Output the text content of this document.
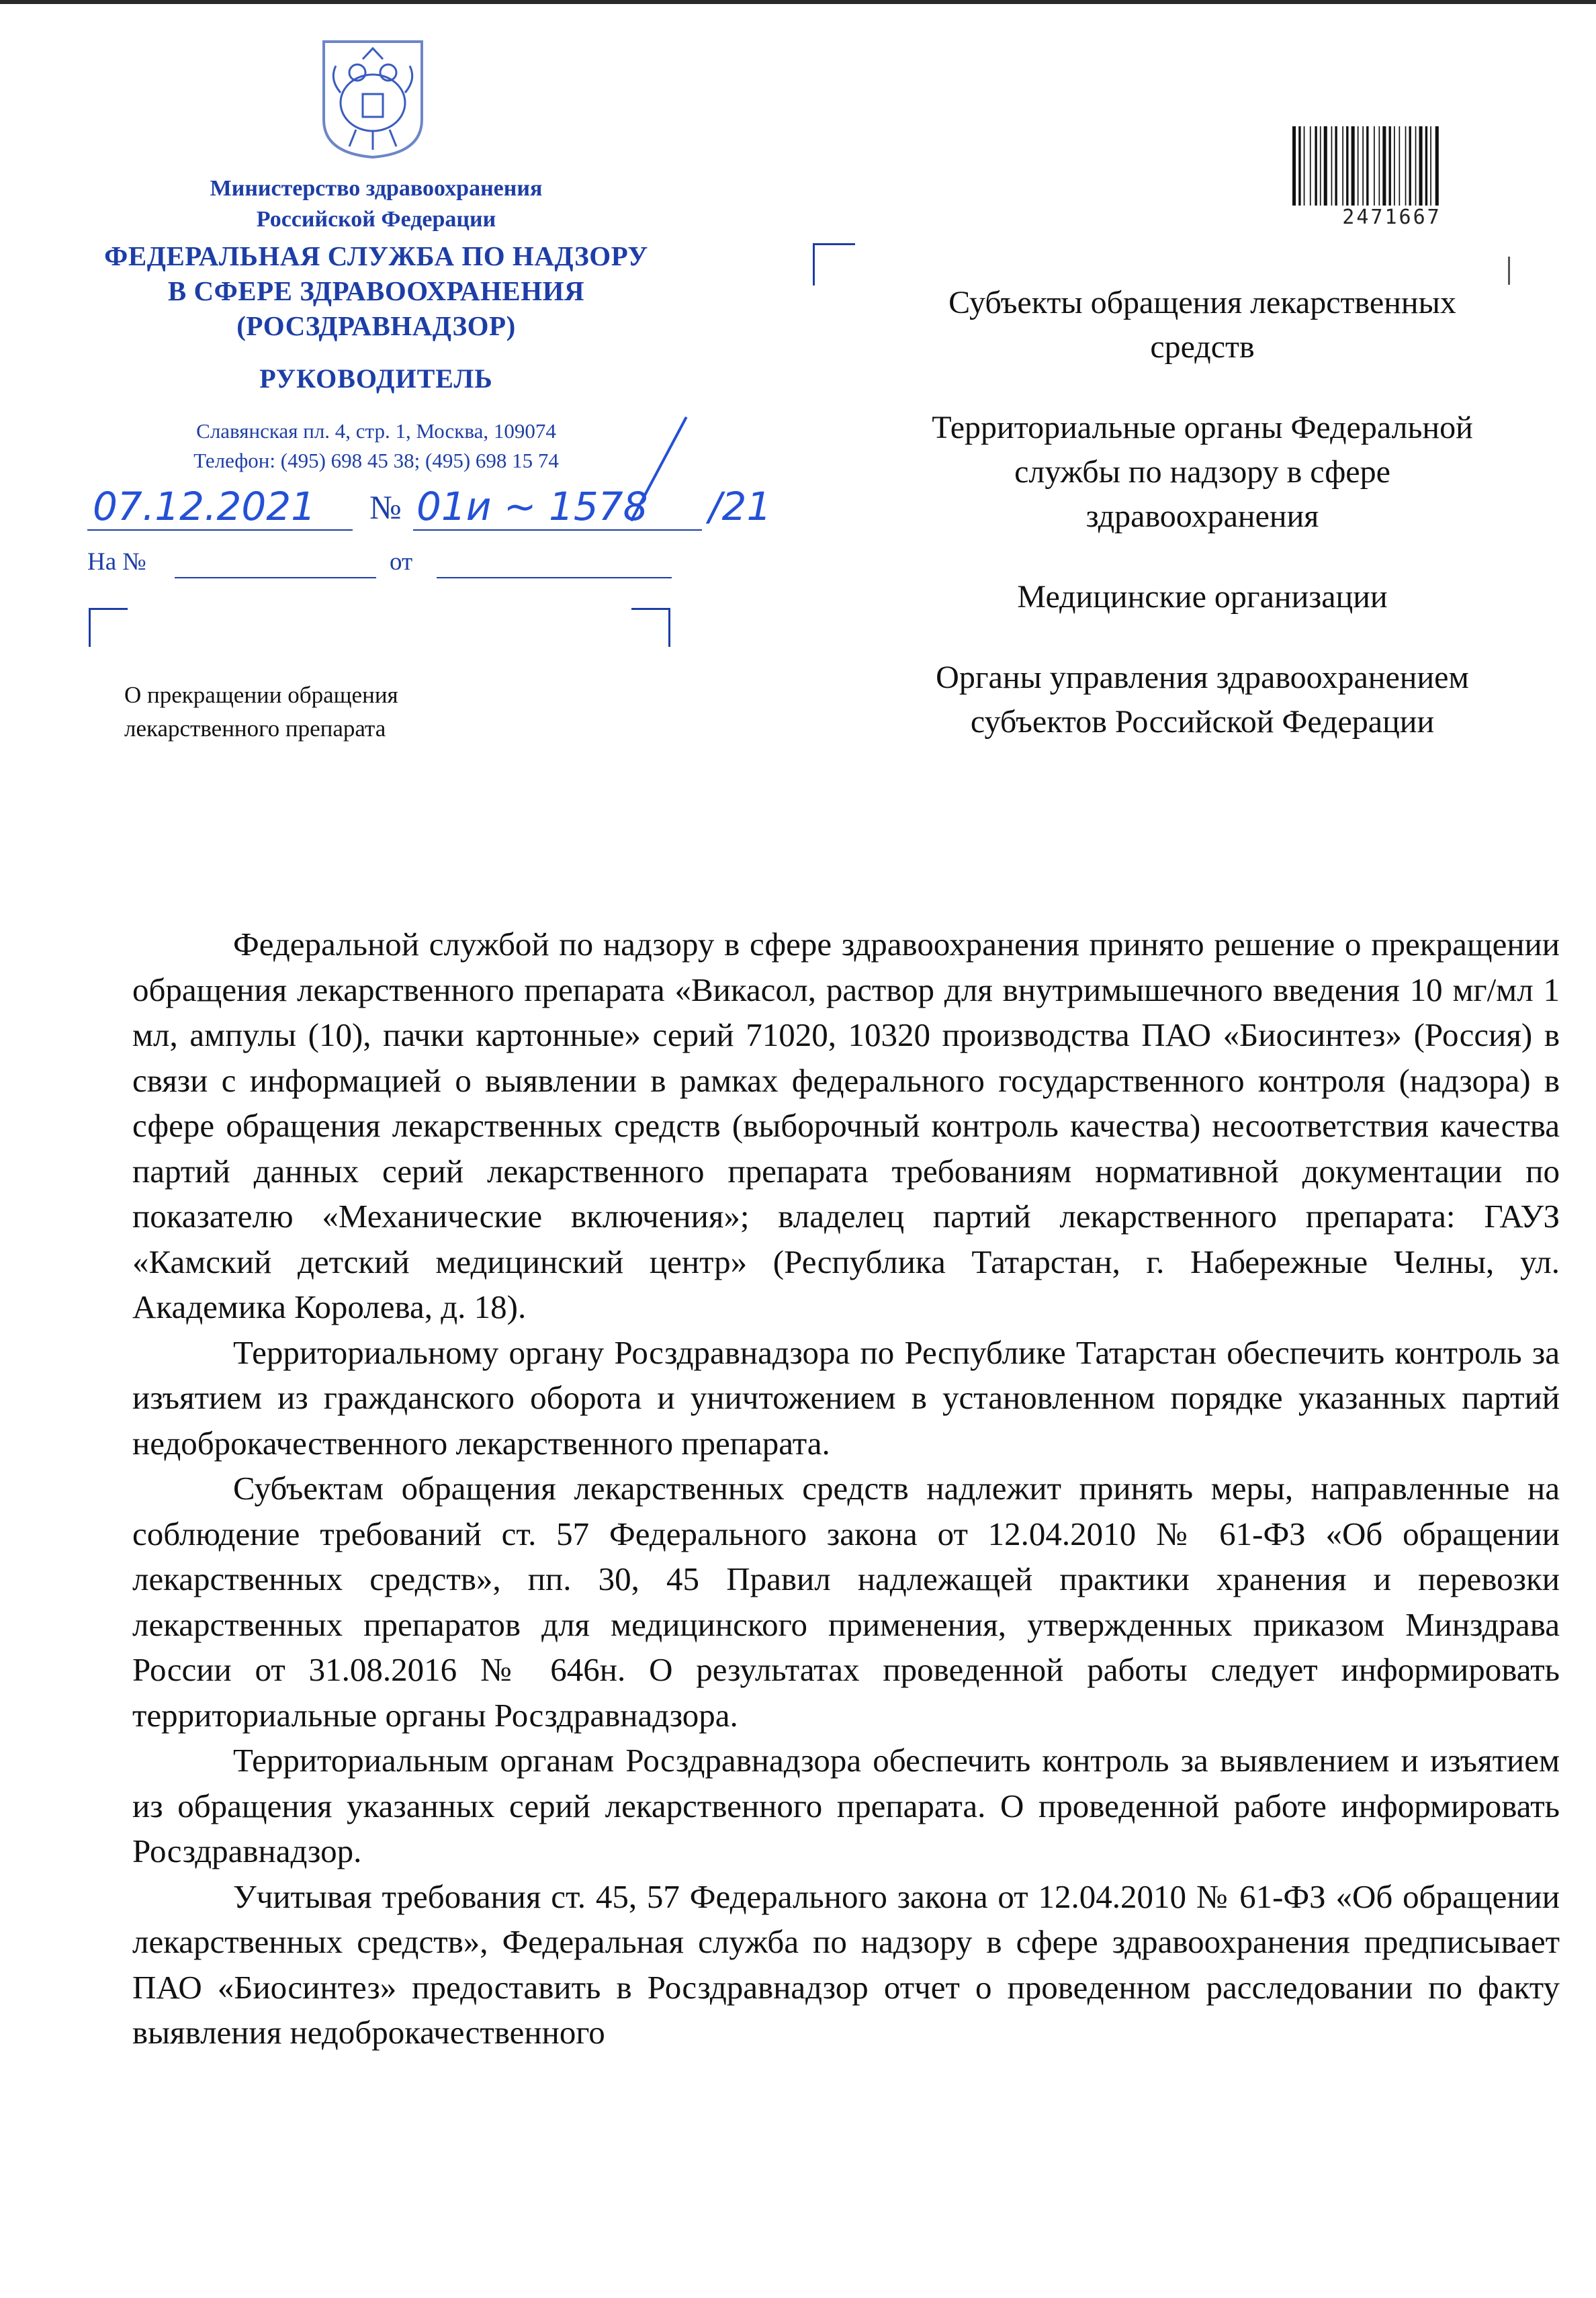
Министерство здравоохранения
Российской Федерации
ФЕДЕРАЛЬНАЯ СЛУЖБА ПО НАДЗОРУ
В СФЕРЕ ЗДРАВООХРАНЕНИЯ
(РОСЗДРАВНАДЗОР)
РУКОВОДИТЕЛЬ
Славянская пл. 4, стр. 1, Москва, 109074
Телефон: (495) 698 45 38; (495) 698 15 74
07.12.2021 № 01и ~ 1578 /21
На №	от
О прекращении обращения
лекарственного препарата
2471667

Субъекты обращения лекарственных средств

Территориальные органы Федеральной службы по надзору в сфере здравоохранения

Медицинские организации

Органы управления здравоохранением субъектов Российской Федерации

Федеральной службой по надзору в сфере здравоохранения принято решение о прекращении обращения лекарственного препарата «Викасол, раствор для внутримышечного введения 10 мг/мл 1 мл, ампулы (10), пачки картонные» серий 71020, 10320 производства ПАО «Биосинтез» (Россия) в связи с информацией о выявлении в рамках федерального государственного контроля (надзора) в сфере обращения лекарственных средств (выборочный контроль качества) несоответствия качества партий данных серий лекарственного препарата требованиям нормативной документации по показателю «Механические включения»; владелец партий лекарственного препарата: ГАУЗ «Камский детский медицинский центр» (Республика Татарстан, г. Набережные Челны, ул. Академика Королева, д. 18).

Территориальному органу Росздравнадзора по Республике Татарстан обеспечить контроль за изъятием из гражданского оборота и уничтожением в установленном порядке указанных партий недоброкачественного лекарственного препарата.

Субъектам обращения лекарственных средств надлежит принять меры, направленные на соблюдение требований ст. 57 Федерального закона от 12.04.2010 № 61-ФЗ «Об обращении лекарственных средств», пп. 30, 45 Правил надлежащей практики хранения и перевозки лекарственных препаратов для медицинского применения, утвержденных приказом Минздрава России от 31.08.2016 № 646н. О результатах проведенной работы следует информировать территориальные органы Росздравнадзора.

Территориальным органам Росздравнадзора обеспечить контроль за выявлением и изъятием из обращения указанных серий лекарственного препарата. О проведенной работе информировать Росздравнадзор.

Учитывая требования ст. 45, 57 Федерального закона от 12.04.2010 № 61-ФЗ «Об обращении лекарственных средств», Федеральная служба по надзору в сфере здравоохранения предписывает ПАО «Биосинтез» предоставить в Росздравнадзор отчет о проведенном расследовании по факту выявления недоброкачественного
